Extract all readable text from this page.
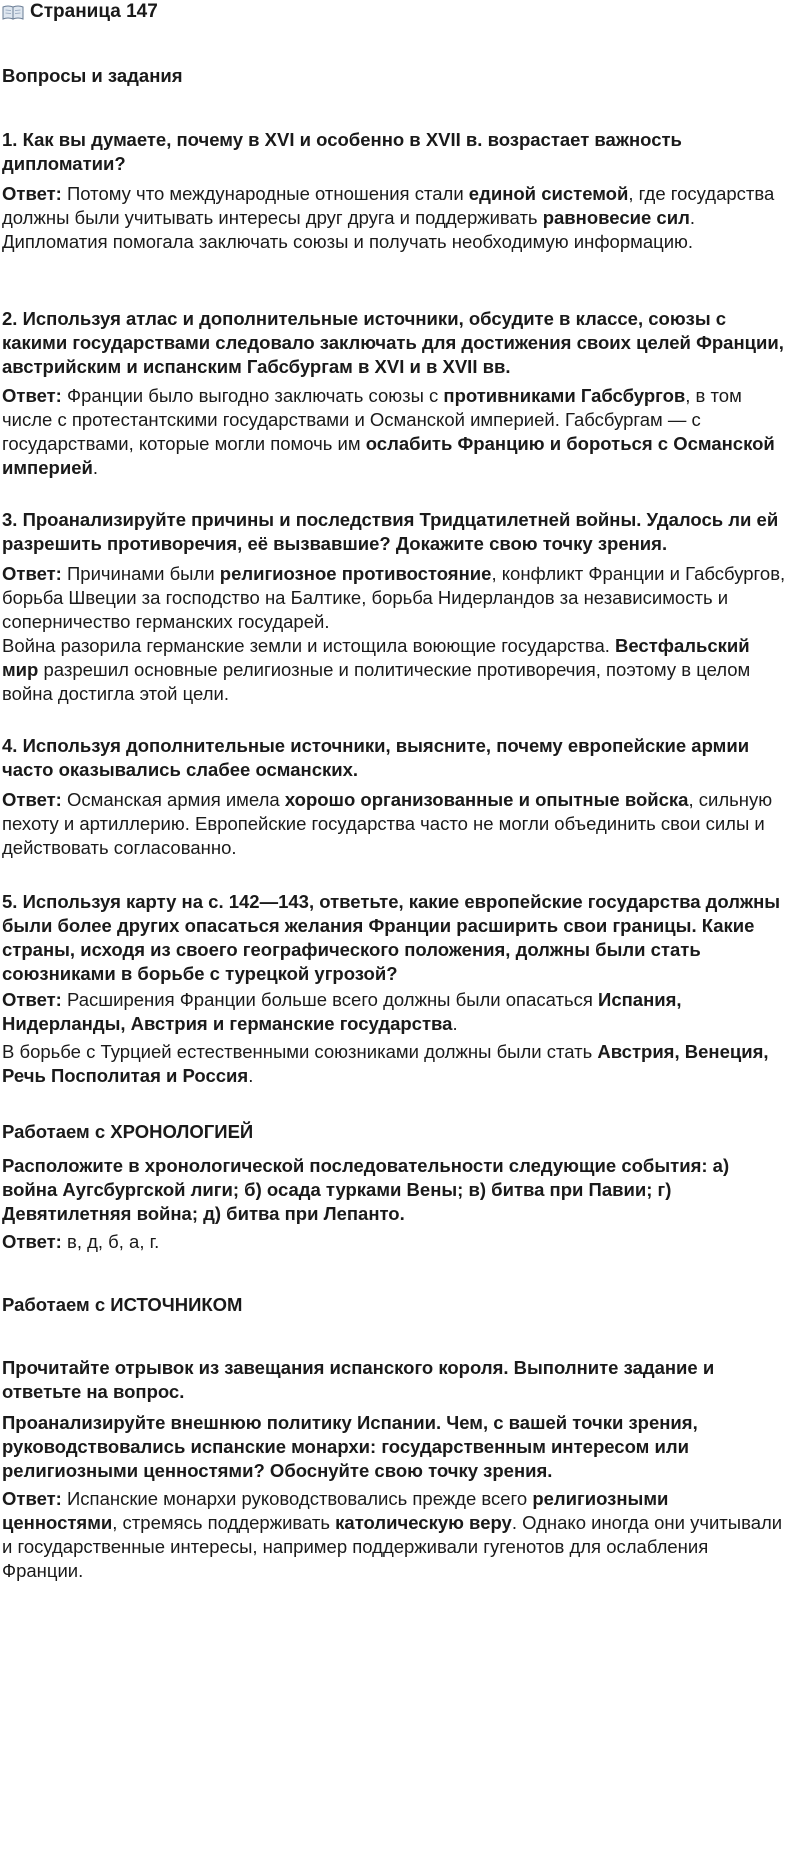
Страница 147

Вопросы и задания

1. Как вы думаете, почему в XVI и особенно в XVII в. возрастает важность дипломатии?

Ответ: Потому что международные отношения стали единой системой, где государства должны были учитывать интересы друг друга и поддерживать равновесие сил. Дипломатия помогала заключать союзы и получать необходимую информацию.

2. Используя атлас и дополнительные источники, обсудите в классе, союзы с какими государствами следовало заключать для достижения своих целей Франции, австрийским и испанским Габсбургам в XVI и в XVII вв.

Ответ: Франции было выгодно заключать союзы с противниками Габсбургов, в том числе с протестантскими государствами и Османской империей. Габсбургам — с государствами, которые могли помочь им ослабить Францию и бороться с Османской империей.

3. Проанализируйте причины и последствия Тридцатилетней войны. Удалось ли ей разрешить противоречия, её вызвавшие? Докажите свою точку зрения.

Ответ: Причинами были религиозное противостояние, конфликт Франции и Габсбургов, борьба Швеции за господство на Балтике, борьба Нидерландов за независимость и соперничество германских государей.

Война разорила германские земли и истощила воюющие государства. Вестфальский мир разрешил основные религиозные и политические противоречия, поэтому в целом война достигла этой цели.

4. Используя дополнительные источники, выясните, почему европейские армии часто оказывались слабее османских.

Ответ: Османская армия имела хорошо организованные и опытные войска, сильную пехоту и артиллерию. Европейские государства часто не могли объединить свои силы и действовать согласованно.

5. Используя карту на с. 142—143, ответьте, какие европейские государства должны были более других опасаться желания Франции расширить свои границы. Какие страны, исходя из своего географического положения, должны были стать союзниками в борьбе с турецкой угрозой?

Ответ: Расширения Франции больше всего должны были опасаться Испания, Нидерланды, Австрия и германские государства.

В борьбе с Турцией естественными союзниками должны были стать Австрия, Венеция, Речь Посполитая и Россия.

Работаем с ХРОНОЛОГИЕЙ

Расположите в хронологической последовательности следующие события: а) война Аугсбургской лиги; б) осада турками Вены; в) битва при Павии; г) Девятилетняя война; д) битва при Лепанто.

Ответ: в, д, б, а, г.

Работаем с ИСТОЧНИКОМ

Прочитайте отрывок из завещания испанского короля. Выполните задание и ответьте на вопрос.

Проанализируйте внешнюю политику Испании. Чем, с вашей точки зрения, руководствовались испанские монархи: государственным интересом или религиозными ценностями? Обоснуйте свою точку зрения.

Ответ: Испанские монархи руководствовались прежде всего религиозными ценностями, стремясь поддерживать католическую веру. Однако иногда они учитывали и государственные интересы, например поддерживали гугенотов для ослабления Франции.
